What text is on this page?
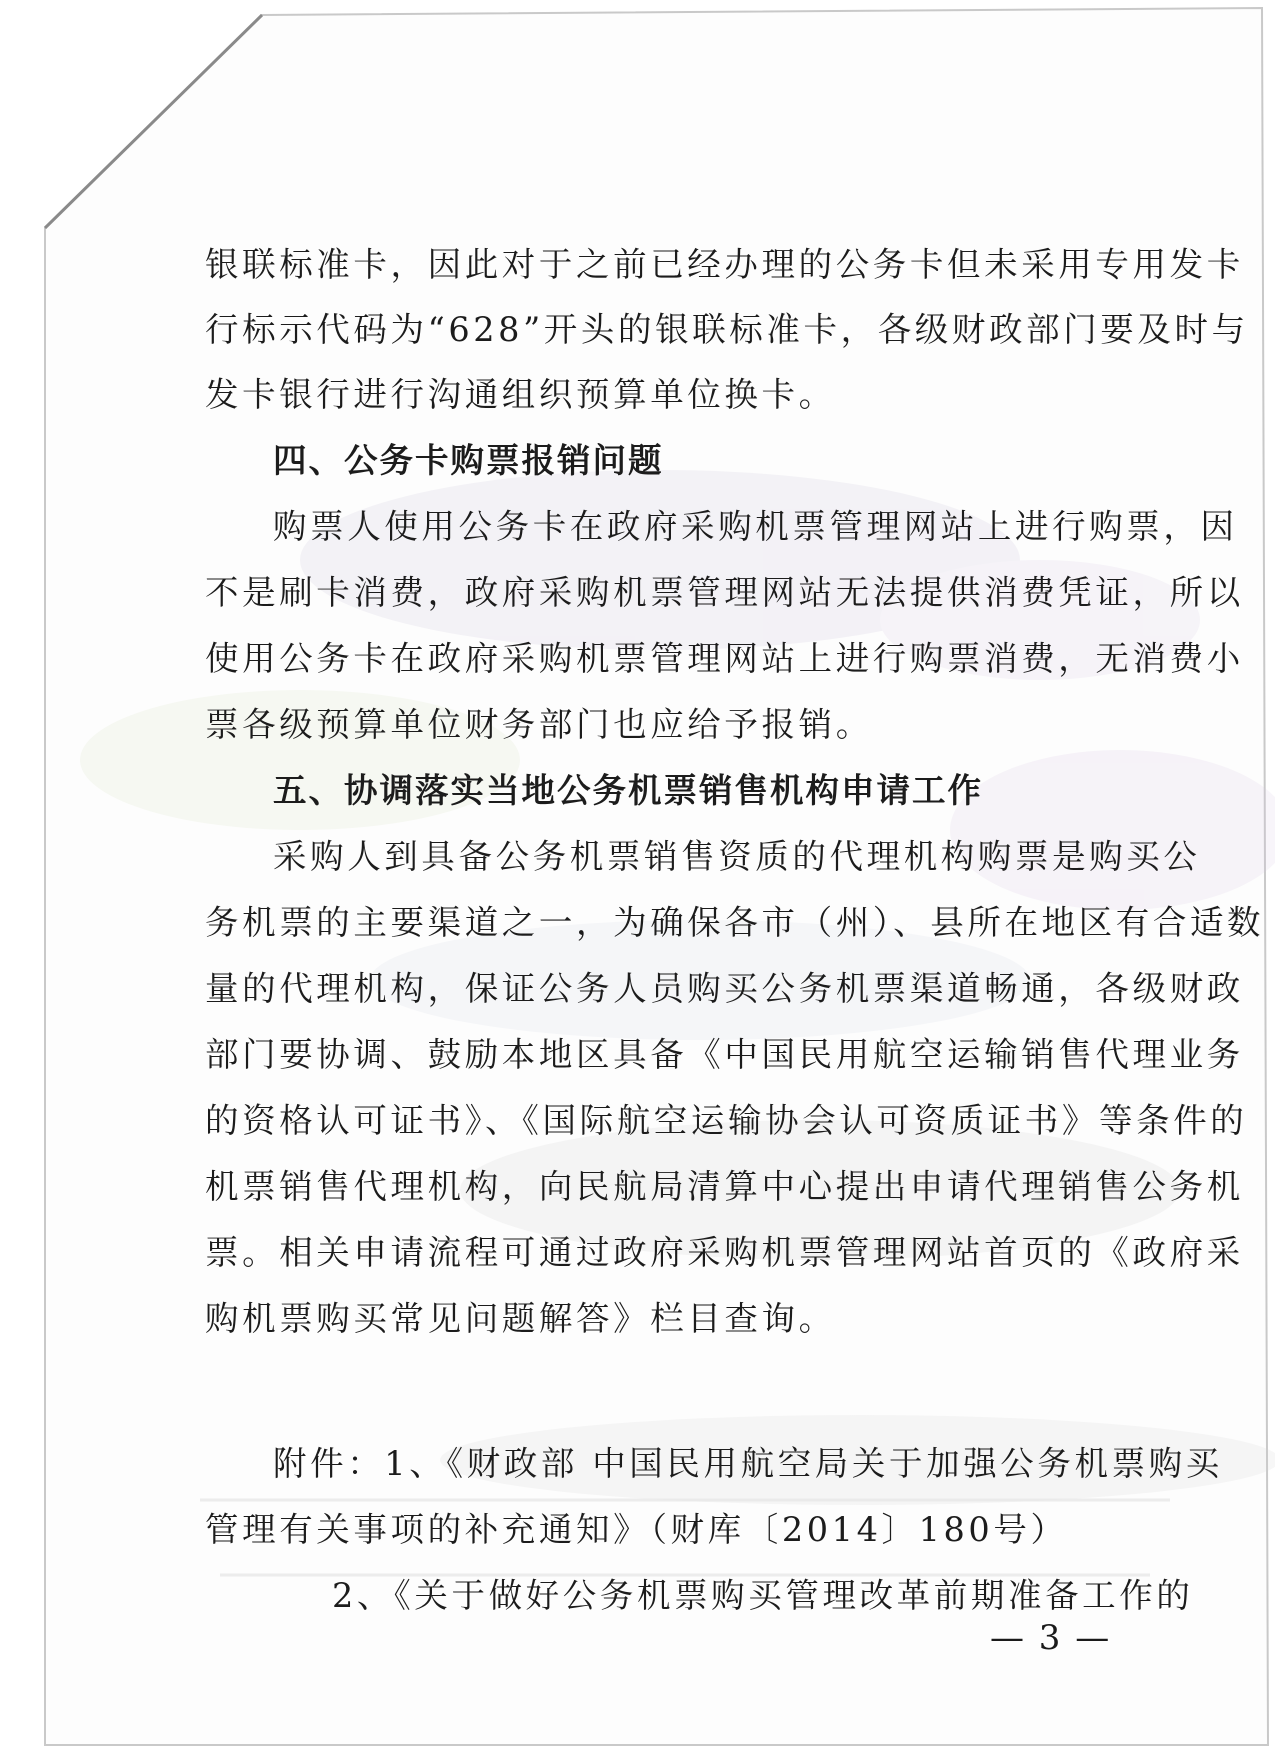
银联标准卡，因此对于之前已经办理的公务卡但未采用专用发卡
行标示代码为“628”开头的银联标准卡，各级财政部门要及时与
发卡银行进行沟通组织预算单位换卡。
四、公务卡购票报销问题
购票人使用公务卡在政府采购机票管理网站上进行购票，因
不是刷卡消费，政府采购机票管理网站无法提供消费凭证，所以
使用公务卡在政府采购机票管理网站上进行购票消费，无消费小
票各级预算单位财务部门也应给予报销。
五、协调落实当地公务机票销售机构申请工作
采购人到具备公务机票销售资质的代理机构购票是购买公
务机票的主要渠道之一，为确保各市（州）、县所在地区有合适数
量的代理机构，保证公务人员购买公务机票渠道畅通，各级财政
部门要协调、鼓励本地区具备《中国民用航空运输销售代理业务
的资格认可证书》、《国际航空运输协会认可资质证书》等条件的
机票销售代理机构，向民航局清算中心提出申请代理销售公务机
票。相关申请流程可通过政府采购机票管理网站首页的《政府采
购机票购买常见问题解答》栏目查询。
附件：1、《财政部 中国民用航空局关于加强公务机票购买
管理有关事项的补充通知》（财库〔2014〕180号）
2、《关于做好公务机票购买管理改革前期准备工作的
— 3 —
